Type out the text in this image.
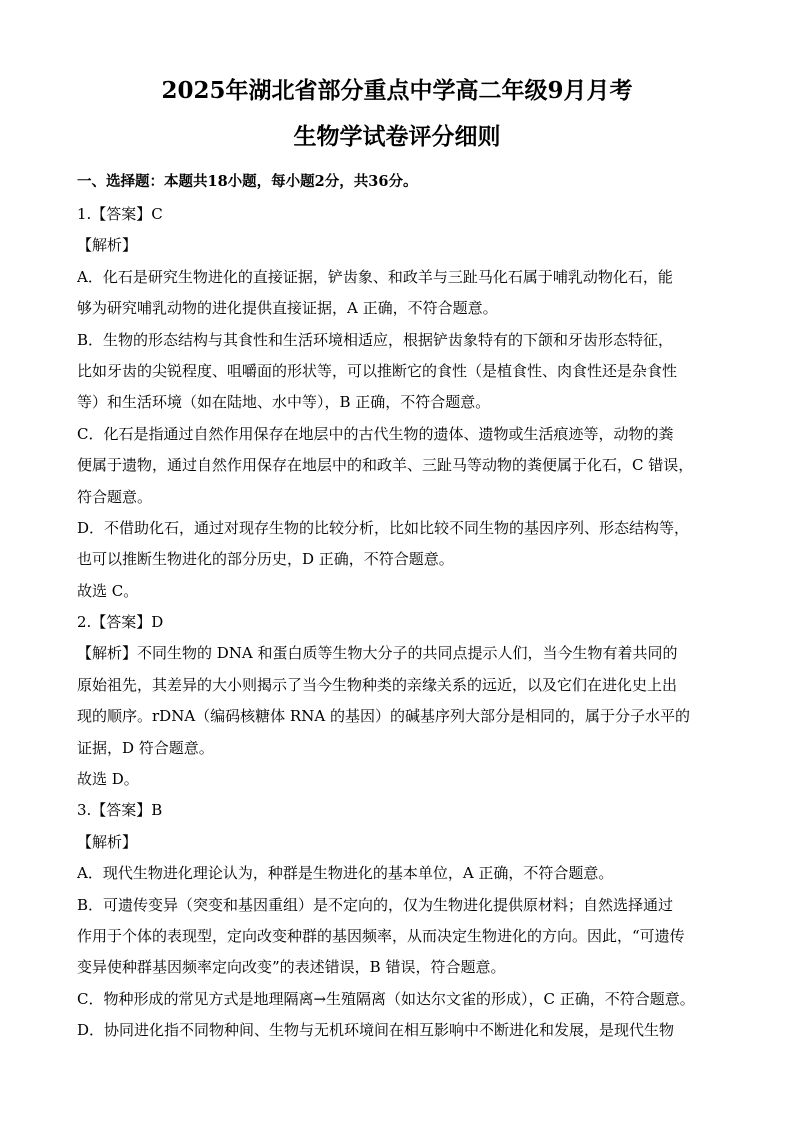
2025年湖北省部分重点中学高二年级9月月考
生物学试卷评分细则
一、选择题：本题共18小题，每小题2分，共36分。
1.【答案】C
【解析】
A．化石是研究生物进化的直接证据，铲齿象、和政羊与三趾马化石属于哺乳动物化石，能
够为研究哺乳动物的进化提供直接证据，A 正确，不符合题意。
B．生物的形态结构与其食性和生活环境相适应，根据铲齿象特有的下颌和牙齿形态特征，
比如牙齿的尖锐程度、咀嚼面的形状等，可以推断它的食性（是植食性、肉食性还是杂食性
等）和生活环境（如在陆地、水中等），B 正确，不符合题意。
C．化石是指通过自然作用保存在地层中的古代生物的遗体、遗物或生活痕迹等，动物的粪
便属于遗物，通过自然作用保存在地层中的和政羊、三趾马等动物的粪便属于化石，C 错误，
符合题意。
D．不借助化石，通过对现存生物的比较分析，比如比较不同生物的基因序列、形态结构等，
也可以推断生物进化的部分历史，D 正确，不符合题意。
故选 C。
2.【答案】D
【解析】不同生物的 DNA 和蛋白质等生物大分子的共同点提示人们，当今生物有着共同的
原始祖先，其差异的大小则揭示了当今生物种类的亲缘关系的远近，以及它们在进化史上出
现的顺序。rDNA（编码核糖体 RNA 的基因）的碱基序列大部分是相同的，属于分子水平的
证据，D 符合题意。
故选 D。
3.【答案】B
【解析】
A．现代生物进化理论认为，种群是生物进化的基本单位，A 正确，不符合题意。
B．可遗传变异（突变和基因重组）是不定向的，仅为生物进化提供原材料；自然选择通过
作用于个体的表现型，定向改变种群的基因频率，从而决定生物进化的方向。因此，“可遗传
变异使种群基因频率定向改变”的表述错误，B 错误，符合题意。
C．物种形成的常见方式是地理隔离→生殖隔离（如达尔文雀的形成），C 正确，不符合题意。
D．协同进化指不同物种间、生物与无机环境间在相互影响中不断进化和发展，是现代生物
